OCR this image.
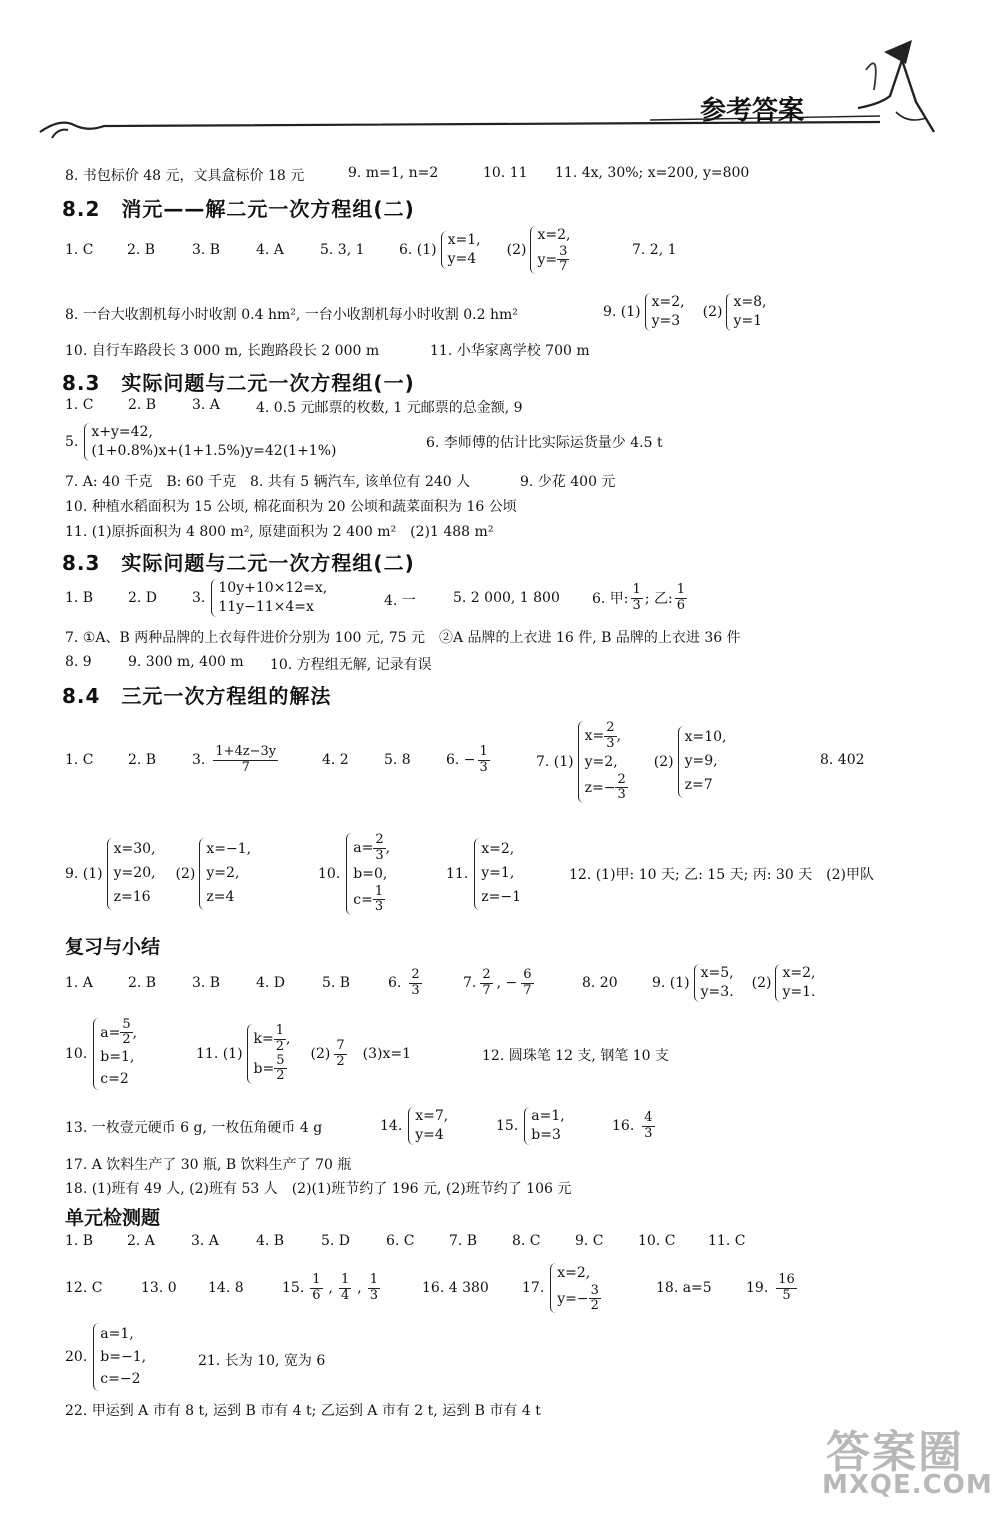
参考答案
8. 书包标价 48 元，文具盒标价 18 元	9. m=1, n=2	10. 11 11. 4x, 30%; x=200, y=800
8.2　消元——解二元一次方程组(二)
1. C 2. B	3. B	4. A	5. 3, 1 6. (1)
x=1,
y=4
(2)
x=2,
$y= \frac{3}{7}$	7. 2, 1
8. 一台大收割机每小时收割 0.4 hm², 一台小收割机每小时收割 0.2 hm²	9. (1)
x=2,
y=3
(2)
x=8,
y=1
10. 自行车路段长 3 000 m, 长跑路段长 2 000 m	11. 小华家离学校 700 m
8.3　实际问题与二元一次方程组(一)
1. C 2. B	3. A	4. 0.5 元邮票的枚数, 1 元邮票的总金额, 9
5.
x+y=42,
(1+0.8%)x+(1+1.5%)y=42(1+1%)	6. 李师傅的估计比实际运货量少 4.5 t
7. A: 40 千克　B: 60 千克 8. 共有 5 辆汽车, 该单位有 240 人	9. 少花 400 元
10. 种植水稻面积为 15 公顷, 棉花面积为 20 公顷和蔬菜面积为 16 公顷
11. (1)原拆面积为 4 800 m², 原建面积为 2 400 m²　(2)1 488 m²
8.3　实际问题与二元一次方程组(二)
1. B 2. D 3.
10y+10×12=x,
11y−11×4=x	4. 一	5. 2 000, 1 800 6. 甲: $\frac{1}{3}$ ; 乙: $\frac{1}{6}$
7. ①A、B 两种品牌的上衣每件进价分别为 100 元, 75 元　②A 品牌的上衣进 16 件, B 品牌的上衣进 36 件
8. 9	9. 300 m, 400 m 10. 方程组无解, 记录有误
8.4　三元一次方程组的解法
1. C 2. B	3. $\frac{1+4z-3y}{7}$	4. 2	5. 8	6. − $\frac{1}{3}$	7. (1)
$x= \frac{2}{3}$ ,
y=2,
$z=- \frac{2}{3}$
(2)
x=10,
y=9,
z=7
8. 402
9. (1)
x=30,
y=20,
z=16
(2)
x=−1,
y=2,
z=4
10.
$a= \frac{2}{3}$ ,
b=0,
$c= \frac{1}{3}$
11.
x=2,
y=1,
z=−1
12. (1)甲: 10 天; 乙: 15 天; 丙: 30 天　(2)甲队
复习与小结
1. A	2. B	3. B	4. D	5. B	6. $\frac{2}{3}$	7. $\frac{2}{7}$ , − $\frac{6}{7}$	8. 20 9. (1)
x=5,
y=3.
(2)
x=2,
y=1.
10.
$a= \frac{5}{2}$ ,
b=1,
c=2
11. (1)
$k= \frac{1}{2}$ ,
$b= \frac{5}{2} (2) \frac{7}{2} (3)x=1$	12. 圆珠笔 12 支, 钢笔 10 支
13. 一枚壹元硬币 6 g, 一枚伍角硬币 4 g	14.
x=7,
y=4
15.
a=1,
b=3
16. $\frac{4}{3}$
17. A 饮料生产了 30 瓶, B 饮料生产了 70 瓶
18. (1)班有 49 人, (2)班有 53 人　(2)(1)班节约了 196 元, (2)班节约了 106 元
单元检测题
1. B	2. A	3. A	4. B	5. D	6. C	7. B	8. C	9. C	10. C	11. C
12. C	13. 0 14. 8	15. $\frac{1}{6}$ , $\frac{1}{4}$ , $\frac{1}{3}$	16. 4 380 17.
x=2,
$y=- \frac{3}{2}$	18. a=5 19. $\frac{16}{5}$
20.
a=1,
b=−1,
c=−2
21. 长为 10, 宽为 6
22. 甲运到 A 市有 8 t, 运到 B 市有 4 t; 乙运到 A 市有 2 t, 运到 B 市有 4 t
答案圈
MXQE.COM
